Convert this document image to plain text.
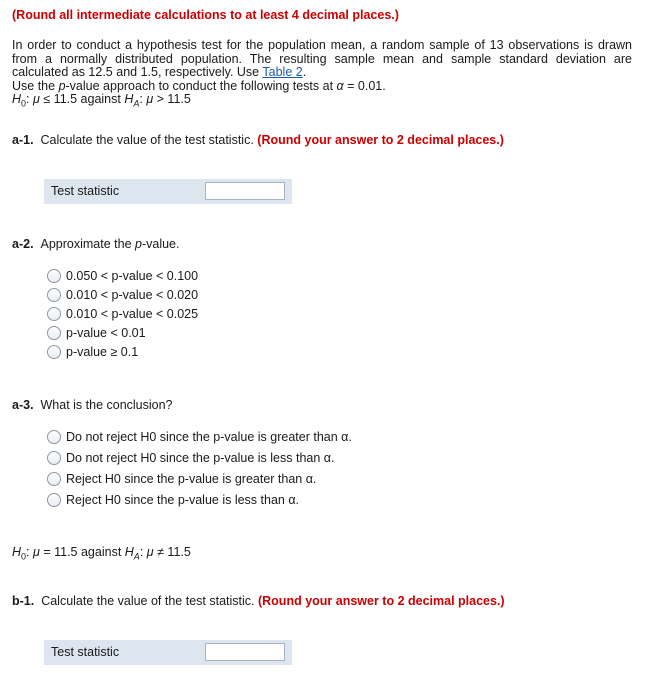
(Round all intermediate calculations to at least 4 decimal places.)

In order to conduct a hypothesis test for the population mean, a random sample of 13 observations is drawn from a normally distributed population. The resulting sample mean and sample standard deviation are calculated as 12.5 and 1.5, respectively. Use Table 2.

Use the p-value approach to conduct the following tests at α = 0.01.

$H_0$: μ ≤ 11.5 against $H_A$: μ > 11.5

a-1. Calculate the value of the test statistic. (Round your answer to 2 decimal places.)
Test statistic
a-2. Approximate the p-value.
0.050 < p-value < 0.100
0.010 < p-value < 0.020
0.010 < p-value < 0.025
p-value < 0.01
p-value ≥ 0.1
a-3. What is the conclusion?
Do not reject H0 since the p-value is greater than α.
Do not reject H0 since the p-value is less than α.
Reject H0 since the p-value is greater than α.
Reject H0 since the p-value is less than α.
$H_0$: μ = 11.5 against $H_A$: μ ≠ 11.5
b-1. Calculate the value of the test statistic. (Round your answer to 2 decimal places.)
Test statistic
